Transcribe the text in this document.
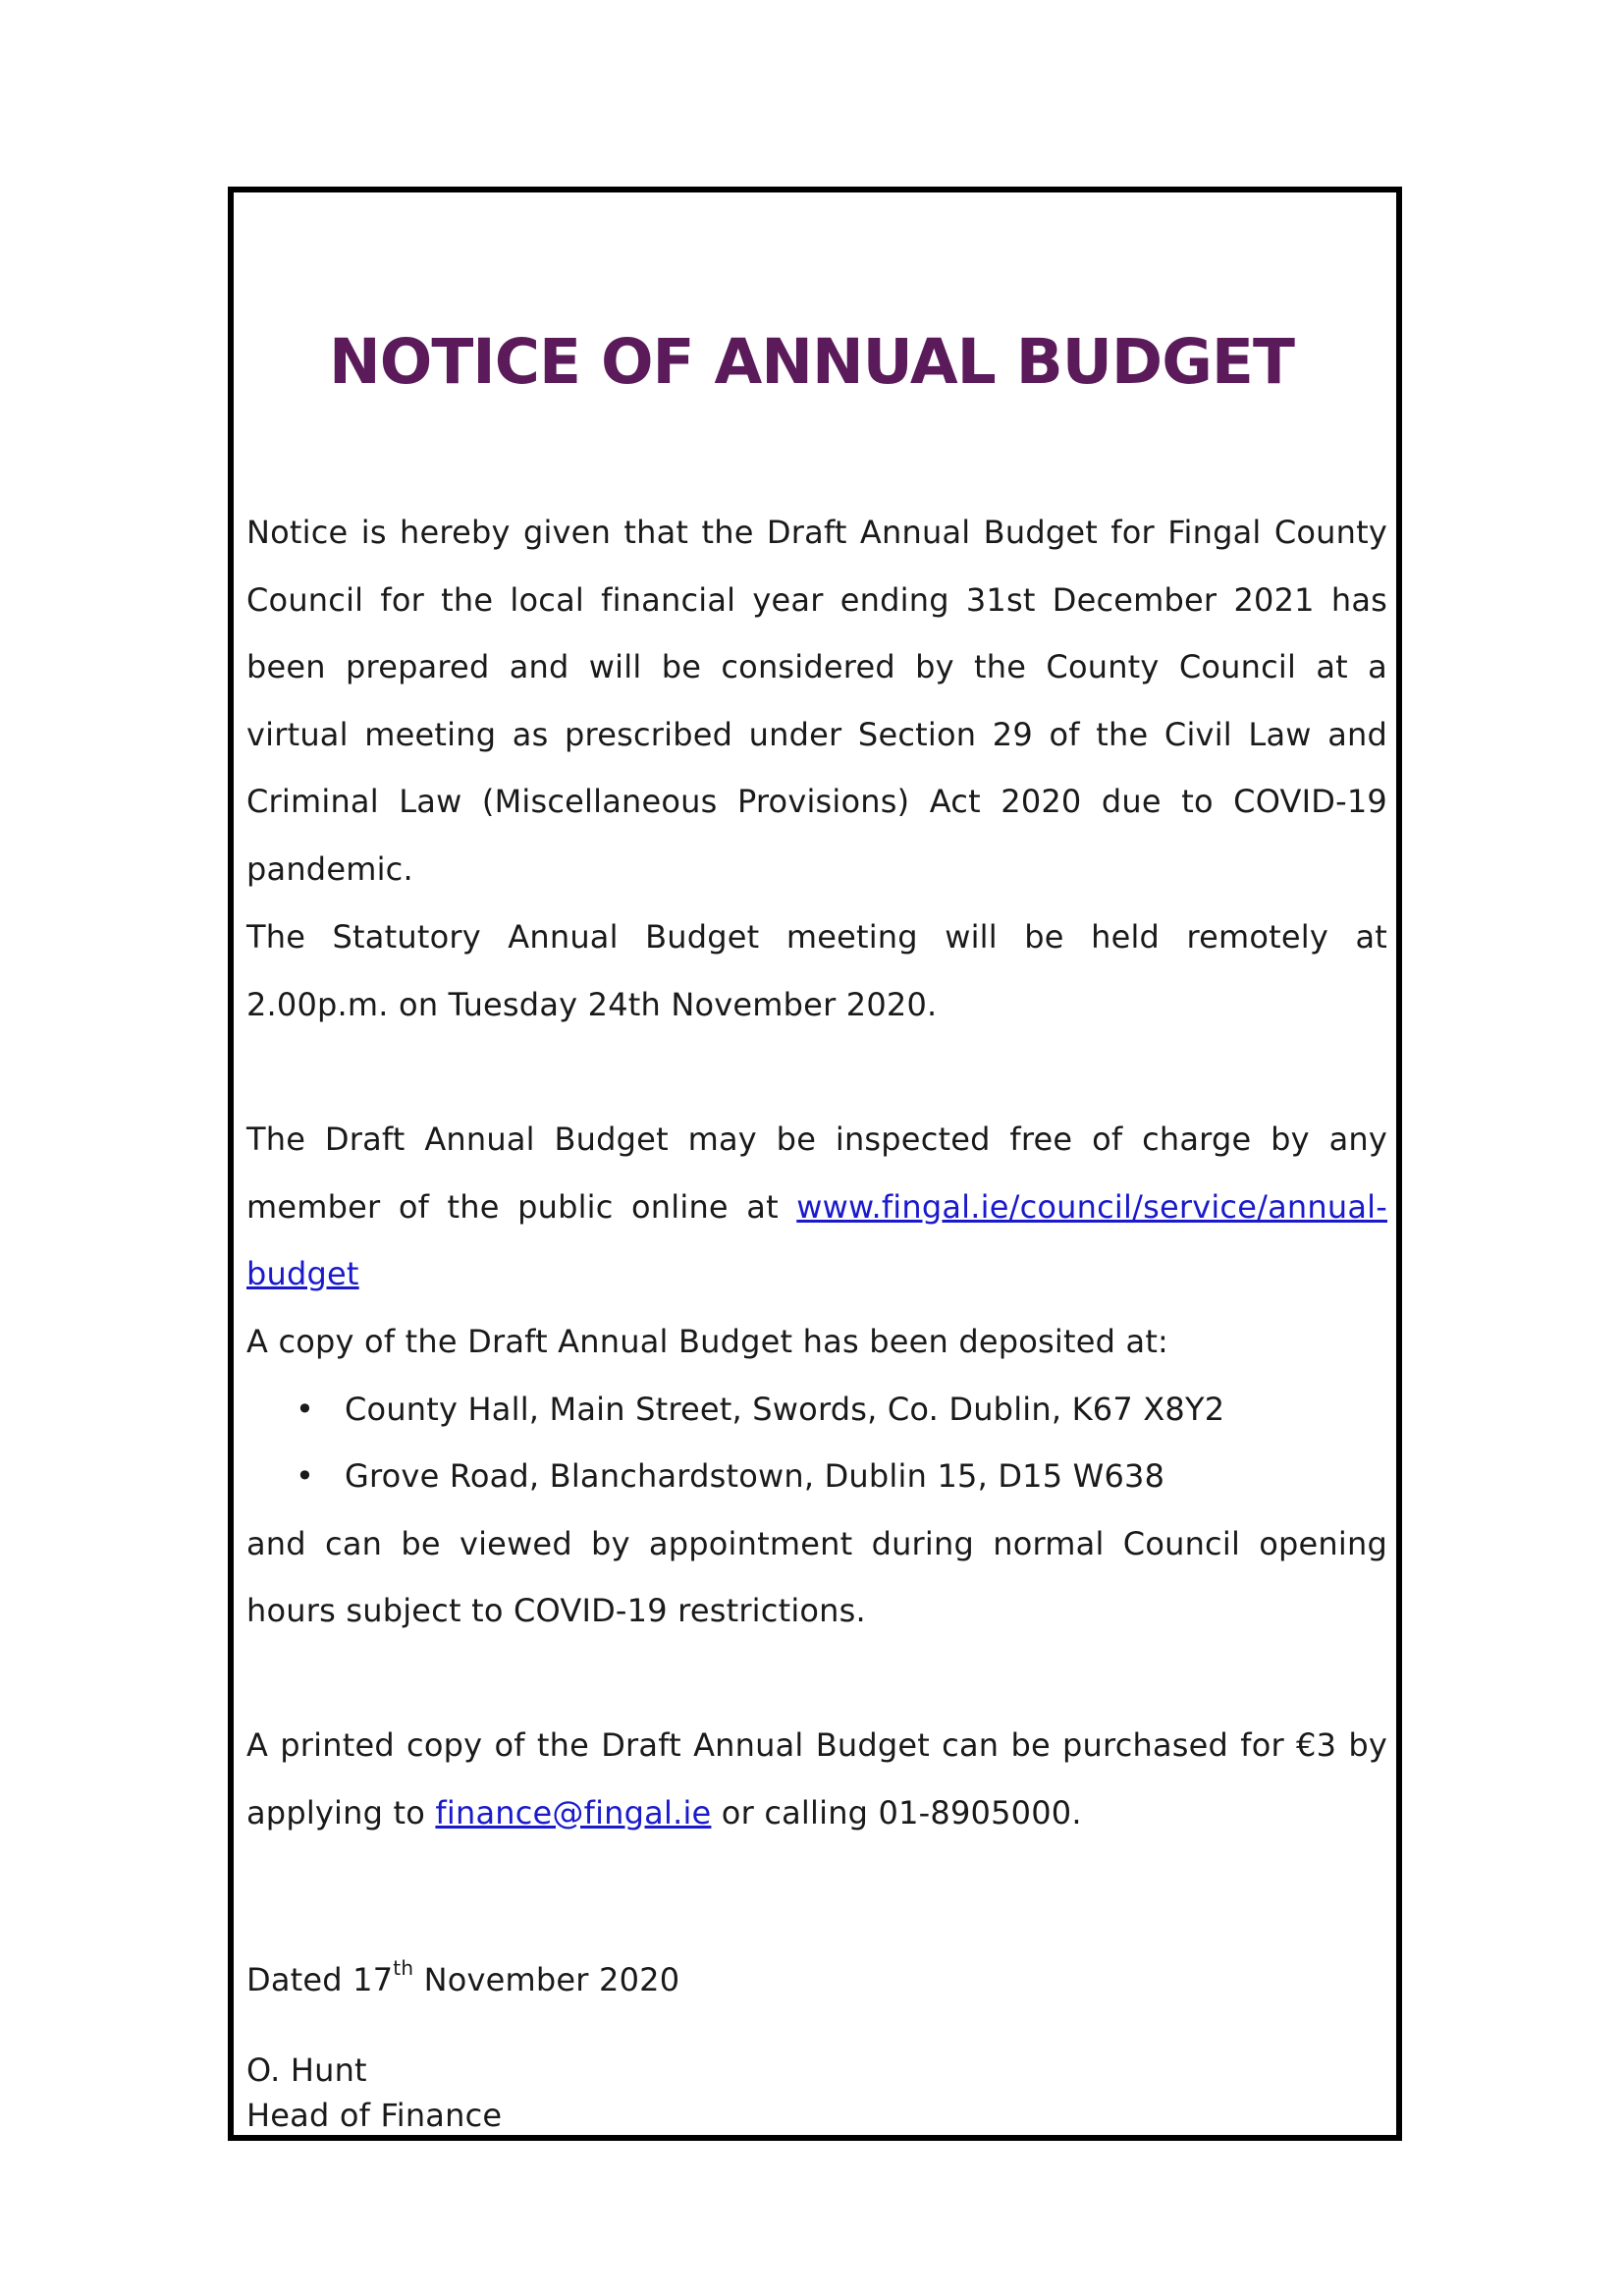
NOTICE OF ANNUAL BUDGET

Notice is hereby given that the Draft Annual Budget for Fingal County Council for the local financial year ending 31st December 2021 has been prepared and will be considered by the County Council at a virtual meeting as prescribed under Section 29 of the Civil Law and Criminal Law (Miscellaneous Provisions) Act 2020 due to COVID-19 pandemic.

The Statutory Annual Budget meeting will be held remotely at 2.00p.m. on Tuesday 24th November 2020.

The Draft Annual Budget may be inspected free of charge by any member of the public online at www.fingal.ie/council/service/annual-budget

A copy of the Draft Annual Budget has been deposited at:
• County Hall, Main Street, Swords, Co. Dublin, K67 X8Y2
• Grove Road, Blanchardstown, Dublin 15, D15 W638
and can be viewed by appointment during normal Council opening hours subject to COVID-19 restrictions.

A printed copy of the Draft Annual Budget can be purchased for €3 by applying to finance@fingal.ie or calling 01-8905000.

Dated 17th November 2020
O. Hunt
Head of Finance
